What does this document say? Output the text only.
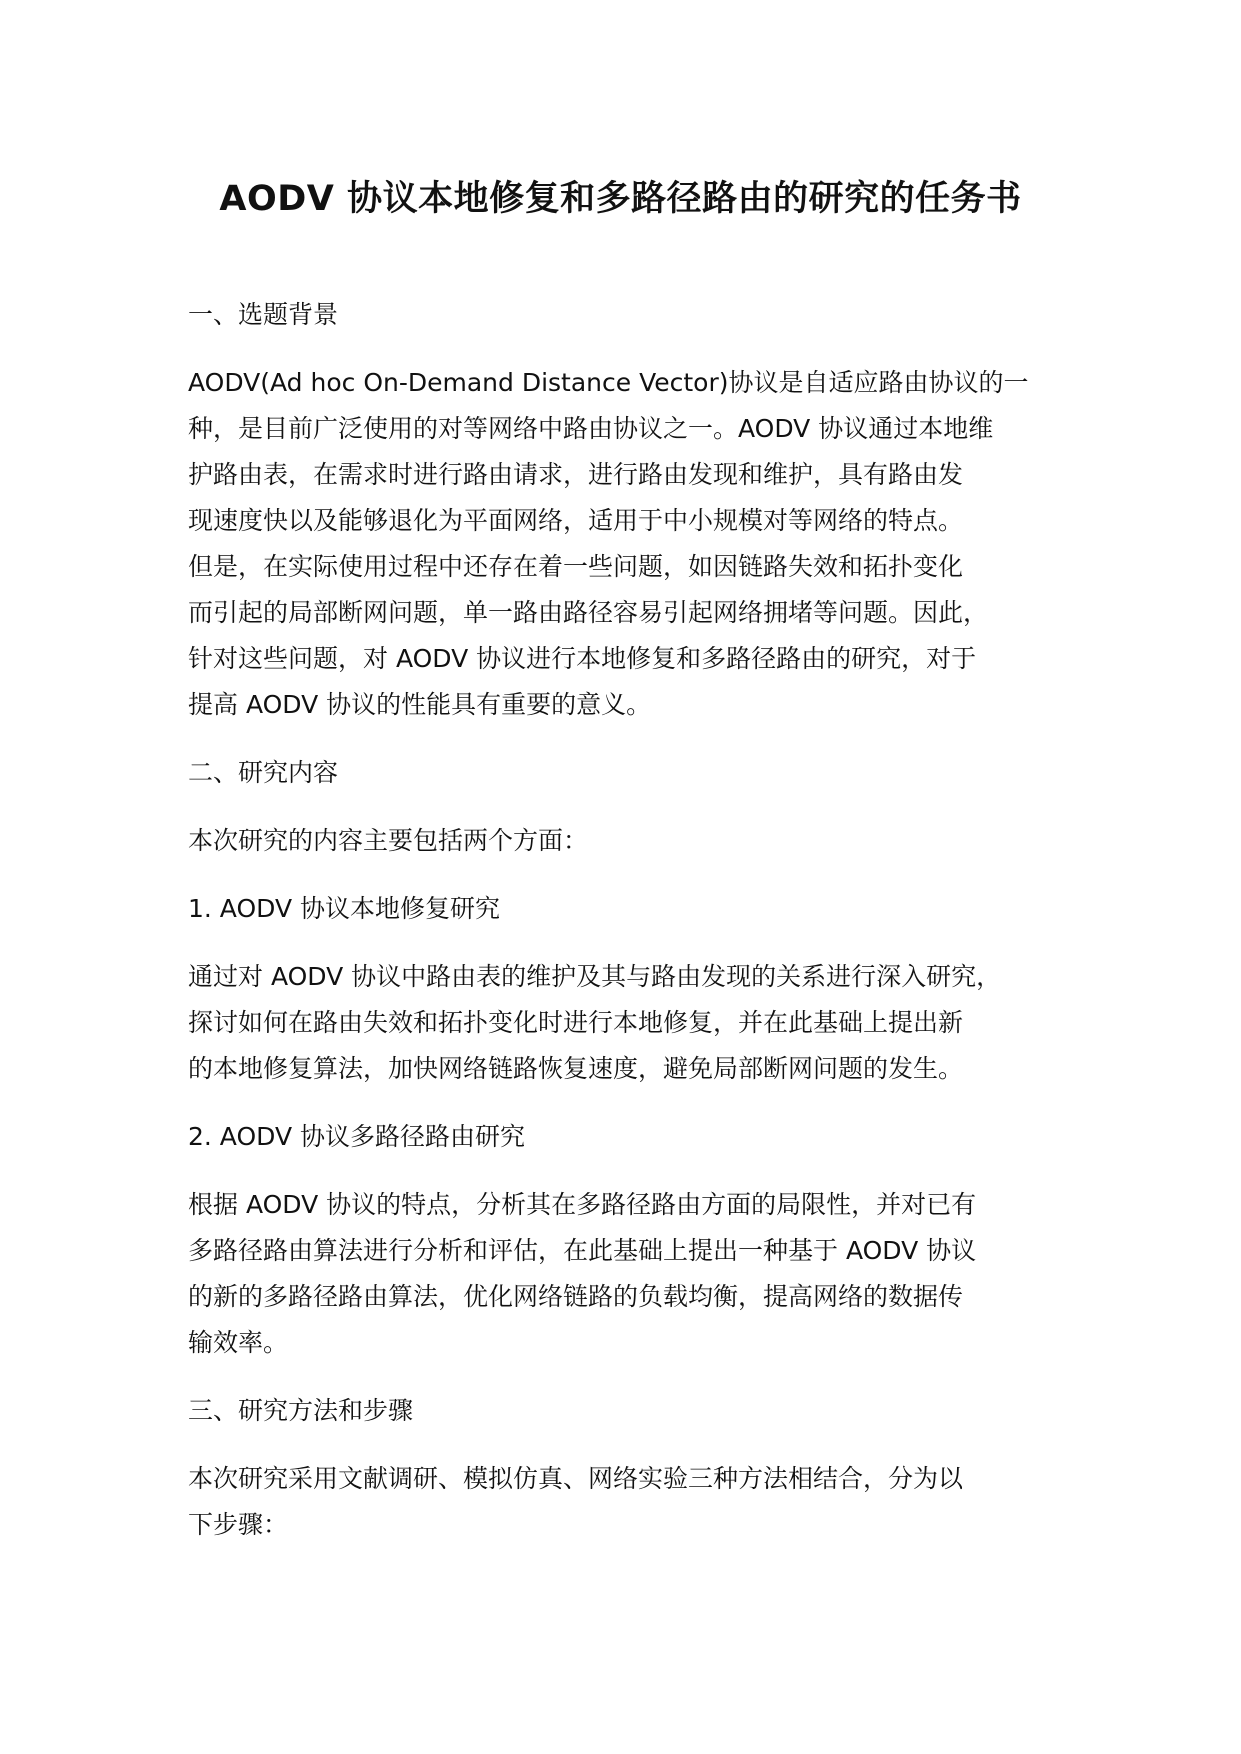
AODV 协议本地修复和多路径路由的研究的任务书

一、选题背景

AODV(Ad hoc On-Demand Distance Vector)协议是自适应路由协议的一
种，是目前广泛使用的对等网络中路由协议之一。AODV 协议通过本地维
护路由表，在需求时进行路由请求，进行路由发现和维护，具有路由发
现速度快以及能够退化为平面网络，适用于中小规模对等网络的特点。
但是，在实际使用过程中还存在着一些问题，如因链路失效和拓扑变化
而引起的局部断网问题，单一路由路径容易引起网络拥堵等问题。因此，
针对这些问题，对 AODV 协议进行本地修复和多路径路由的研究，对于
提高 AODV 协议的性能具有重要的意义。

二、研究内容

本次研究的内容主要包括两个方面：

1. AODV 协议本地修复研究

通过对 AODV 协议中路由表的维护及其与路由发现的关系进行深入研究，
探讨如何在路由失效和拓扑变化时进行本地修复，并在此基础上提出新
的本地修复算法，加快网络链路恢复速度，避免局部断网问题的发生。

2. AODV 协议多路径路由研究

根据 AODV 协议的特点，分析其在多路径路由方面的局限性，并对已有
多路径路由算法进行分析和评估，在此基础上提出一种基于 AODV 协议
的新的多路径路由算法，优化网络链路的负载均衡，提高网络的数据传
输效率。

三、研究方法和步骤

本次研究采用文献调研、模拟仿真、网络实验三种方法相结合，分为以
下步骤：
